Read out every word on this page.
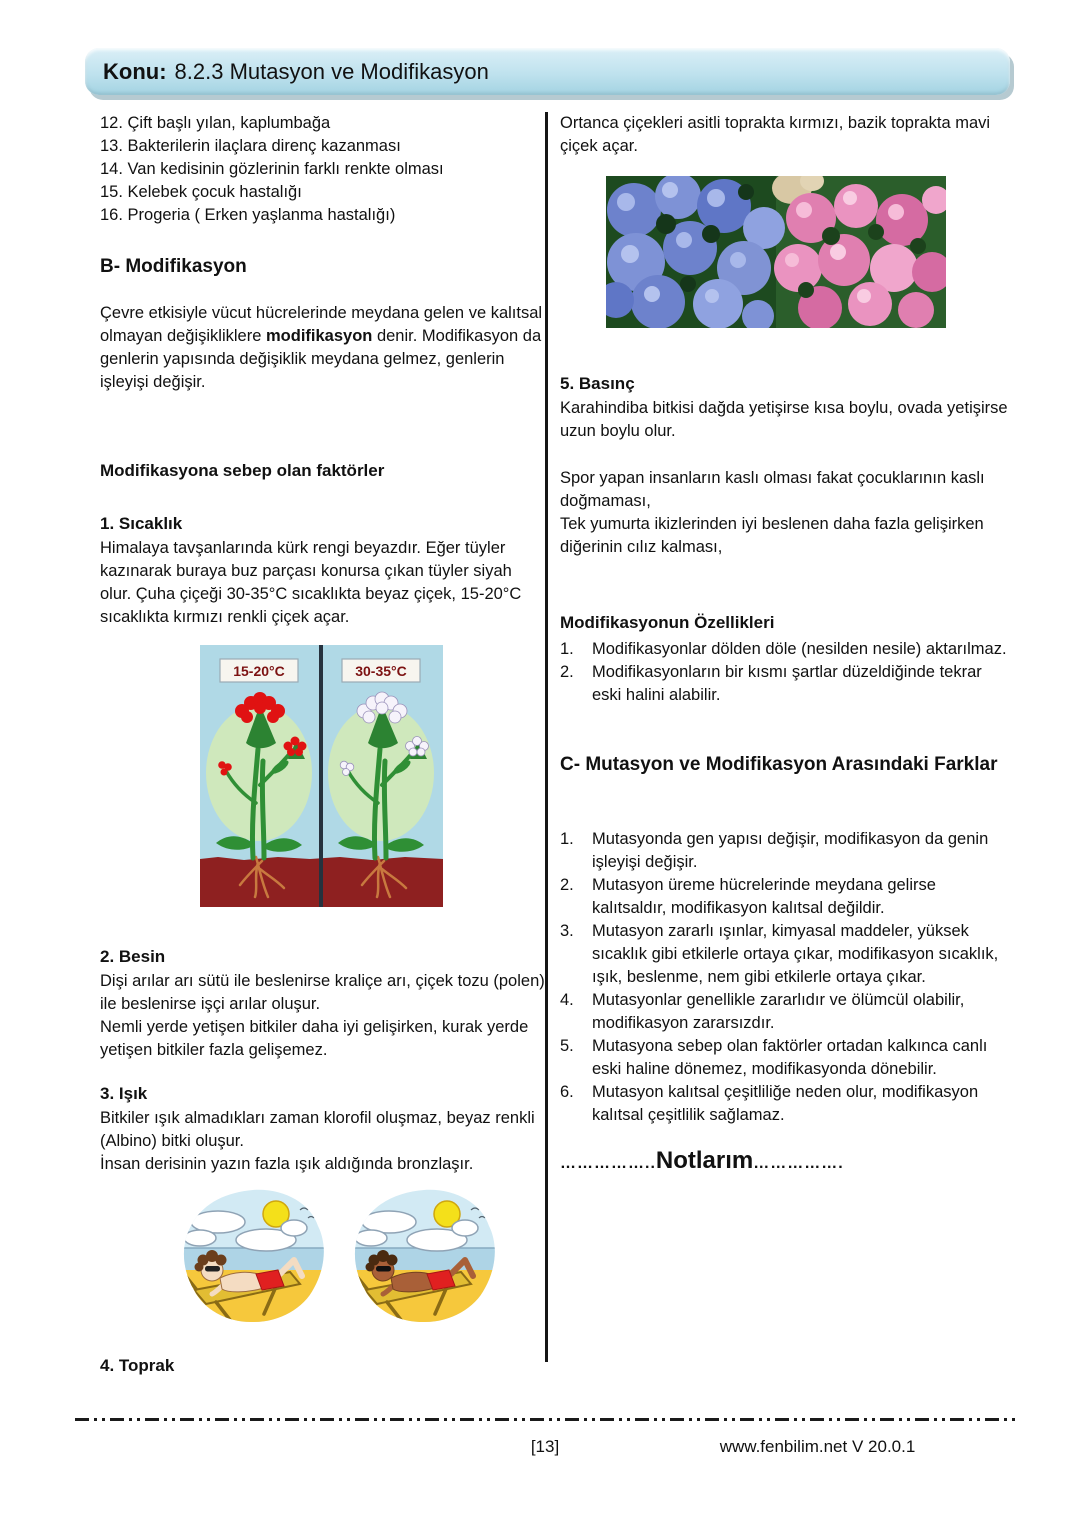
Konu: 8.2.3 Mutasyon ve Modifikasyon
12. Çift başlı yılan, kaplumbağa
13. Bakterilerin ilaçlara direnç kazanması
14. Van kedisinin gözlerinin farklı renkte olması
15. Kelebek çocuk hastalığı
16. Progeria ( Erken yaşlanma hastalığı)
B- Modifikasyon

Çevre etkisiyle vücut hücrelerinde meydana gelen ve kalıtsal olmayan değişikliklere modifikasyon denir. Modifikasyon da genlerin yapısında değişiklik meydana gelmez, genlerin işleyişi değişir.

Modifikasyona sebep olan faktörler
1. Sıcaklık

Himalaya tavşanlarında kürk rengi beyazdır. Eğer tüyler kazınarak buraya buz parçası konursa çıkan tüyler siyah olur. Çuha çiçeği 30-35°C sıcaklıkta beyaz çiçek, 15-20°C sıcaklıkta kırmızı renkli çiçek açar.

15-20°C	30-35°C
2. Besin

Dişi arılar arı sütü ile beslenirse kraliçe arı, çiçek tozu (polen) ile beslenirse işçi arılar oluşur.

Nemli yerde yetişen bitkiler daha iyi gelişirken, kurak yerde yetişen bitkiler fazla gelişemez.

3. Işık

Bitkiler ışık almadıkları zaman klorofil oluşmaz, beyaz renkli (Albino) bitki oluşur.

İnsan derisinin yazın fazla ışık aldığında bronzlaşır.

4. Toprak

Ortanca çiçekleri asitli toprakta kırmızı, bazik toprakta mavi çiçek açar.

5. Basınç

Karahindiba bitkisi dağda yetişirse kısa boylu, ovada yetişirse uzun boylu olur.

Spor yapan insanların kaslı olması fakat çocuklarının kaslı doğmaması,

Tek yumurta ikizlerinden iyi beslenen daha fazla gelişirken diğerinin cılız kalması,

Modifikasyonun Özellikleri
1.	Modifikasyonlar dölden döle (nesilden nesile) aktarılmaz.
2.	Modifikasyonların bir kısmı şartlar düzeldiğinde tekrar eski halini alabilir.
C- Mutasyon ve Modifikasyon Arasındaki Farklar
1.	Mutasyonda gen yapısı değişir, modifikasyon da genin işleyişi değişir.
2.	Mutasyon üreme hücrelerinde meydana gelirse kalıtsaldır, modifikasyon kalıtsal değildir.
3.	Mutasyon zararlı ışınlar, kimyasal maddeler, yüksek sıcaklık gibi etkilerle ortaya çıkar, modifikasyon sıcaklık, ışık, beslenme, nem gibi etkilerle ortaya çıkar.
4.	Mutasyonlar genellikle zararlıdır ve ölümcül olabilir, modifikasyon zararsızdır.
5.	Mutasyona sebep olan faktörler ortadan kalkınca canlı eski haline dönemez, modifikasyonda dönebilir.
6.	Mutasyon kalıtsal çeşitliliğe neden olur, modifikasyon kalıtsal çeşitlilik sağlamaz.
……………..Notlarım…………….
[13]	www.fenbilim.net V 20.0.1
